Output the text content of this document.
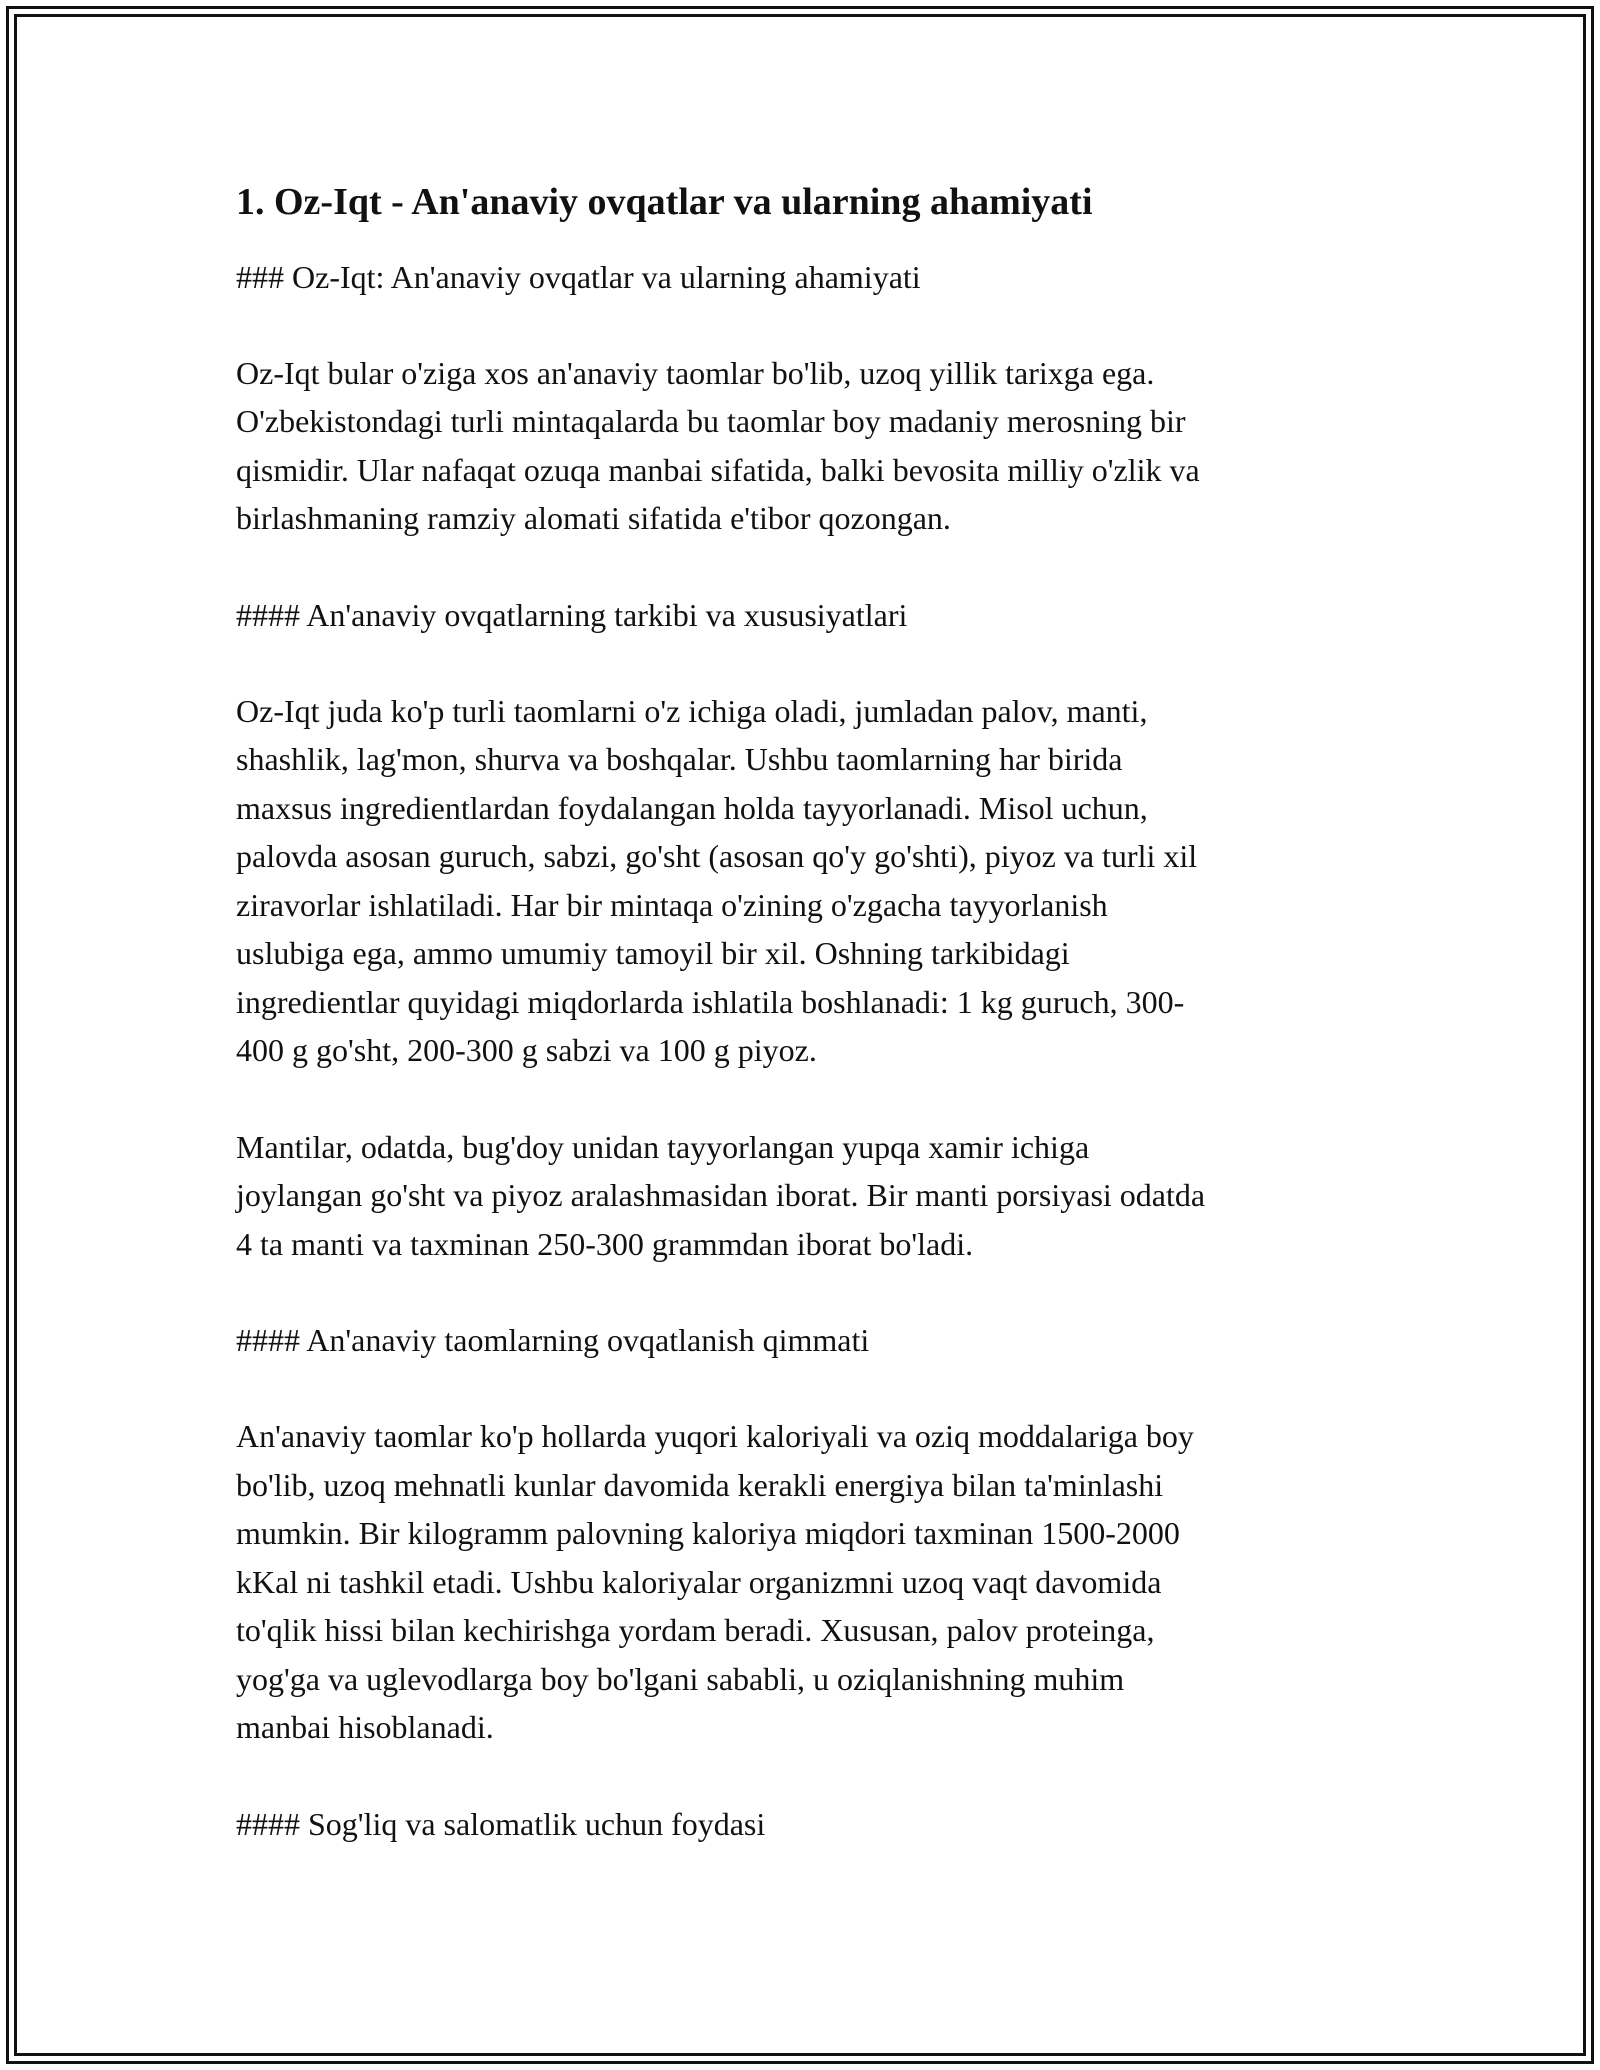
1. Oz-Iqt - An'anaviy ovqatlar va ularning ahamiyati

### Oz-Iqt: An'anaviy ovqatlar va ularning ahamiyati

Oz-Iqt bular o'ziga xos an'anaviy taomlar bo'lib, uzoq yillik tarixga ega.
O'zbekistondagi turli mintaqalarda bu taomlar boy madaniy merosning bir
qismidir. Ular nafaqat ozuqa manbai sifatida, balki bevosita milliy o'zlik va
birlashmaning ramziy alomati sifatida e'tibor qozongan.

#### An'anaviy ovqatlarning tarkibi va xususiyatlari

Oz-Iqt juda ko'p turli taomlarni o'z ichiga oladi, jumladan palov, manti,
shashlik, lag'mon, shurva va boshqalar. Ushbu taomlarning har birida
maxsus ingredientlardan foydalangan holda tayyorlanadi. Misol uchun,
palovda asosan guruch, sabzi, go'sht (asosan qo'y go'shti), piyoz va turli xil
ziravorlar ishlatiladi. Har bir mintaqa o'zining o'zgacha tayyorlanish
uslubiga ega, ammo umumiy tamoyil bir xil. Oshning tarkibidagi
ingredientlar quyidagi miqdorlarda ishlatila boshlanadi: 1 kg guruch, 300-
400 g go'sht, 200-300 g sabzi va 100 g piyoz.

Mantilar, odatda, bug'doy unidan tayyorlangan yupqa xamir ichiga
joylangan go'sht va piyoz aralashmasidan iborat. Bir manti porsiyasi odatda
4 ta manti va taxminan 250-300 grammdan iborat bo'ladi.

#### An'anaviy taomlarning ovqatlanish qimmati

An'anaviy taomlar ko'p hollarda yuqori kaloriyali va oziq moddalariga boy
bo'lib, uzoq mehnatli kunlar davomida kerakli energiya bilan ta'minlashi
mumkin. Bir kilogramm palovning kaloriya miqdori taxminan 1500-2000
kKal ni tashkil etadi. Ushbu kaloriyalar organizmni uzoq vaqt davomida
to'qlik hissi bilan kechirishga yordam beradi. Xususan, palov proteinga,
yog'ga va uglevodlarga boy bo'lgani sababli, u oziqlanishning muhim
manbai hisoblanadi.

#### Sog'liq va salomatlik uchun foydasi
